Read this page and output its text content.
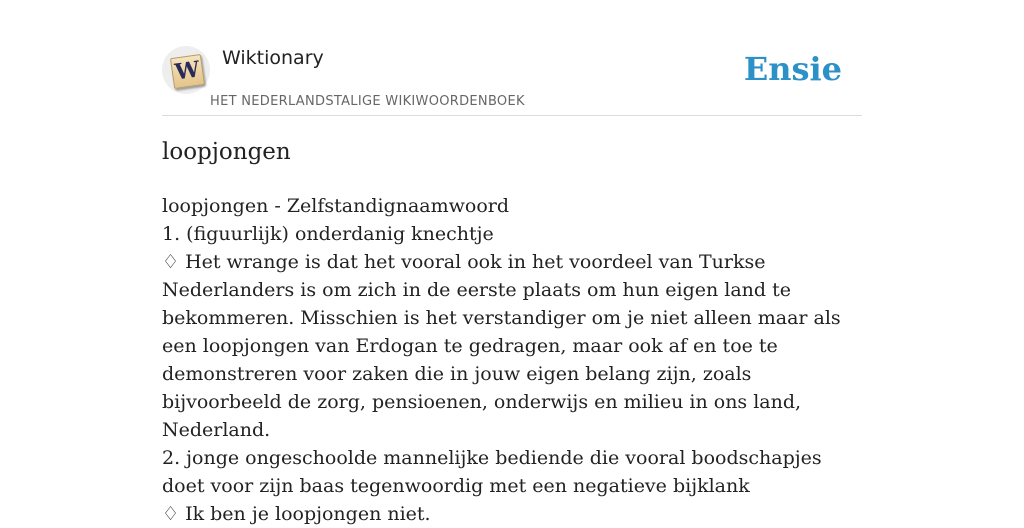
W Wiktionary
HET NEDERLANDSTALIGE WIKIWOORDENBOEK
Ensie
loopjongen

loopjongen - Zelfstandignaamwoord

1. (figuurlijk) onderdanig knechtje

♢ Het wrange is dat het vooral ook in het voordeel van Turkse Nederlanders is om zich in de eerste plaats om hun eigen land te bekommeren. Misschien is het verstandiger om je niet alleen maar als een loopjongen van Erdogan te gedragen, maar ook af en toe te demonstreren voor zaken die in jouw eigen belang zijn, zoals bijvoorbeeld de zorg, pensioenen, onderwijs en milieu in ons land, Nederland.

2. jonge ongeschoolde mannelijke bediende die vooral boodschapjes doet voor zijn baas tegenwoordig met een negatieve bijklank

♢ Ik ben je loopjongen niet.
